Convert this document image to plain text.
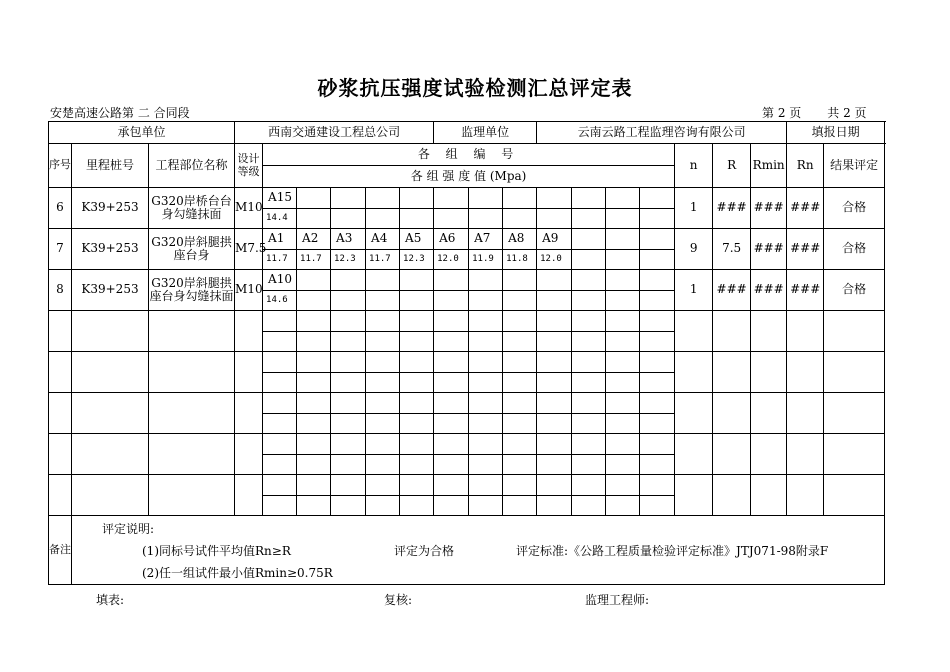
砂浆抗压强度试验检测汇总评定表
安楚高速公路第 二 合同段	第 2 页 共 2 页
承包单位			西南交通建设工程总公司						监理单位			云南云路工程监理咨询有限公司							填报日期	
序号	里程桩号	工程部位名称	设计等级	各 组 编 号												n	R	Rmin	Rn	结果评定	
				各 组 强 度 值 (Mpa)																	
6	K39+253	G320岸桥台台身勾缝抹面	M10	A15												1	###	###	###	合格	
				14.4																	
7	K39+253	G320岸斜腿拱座台身	M7.5	A1	A2	A3	A4	A5	A6	A7	A8	A9				9	7.5	###	###	合格	
				11.7	11.7	12.3	11.7	12.3	12.0	11.9	11.8	12.0									
8	K39+253	G320岸斜腿拱座台身勾缝抹面	M10	A10												1	###	###	###	合格	
				14.6																	

备注	评定说明:
(1)同标号试件平均值Rn≥R 评定为合格 评定标准:《公路工程质量检验评定标准》JTJ071-98附录F
(2)任一组试件最小值Rmin≥0.75R																				
填表:	复核:	监理工程师:
